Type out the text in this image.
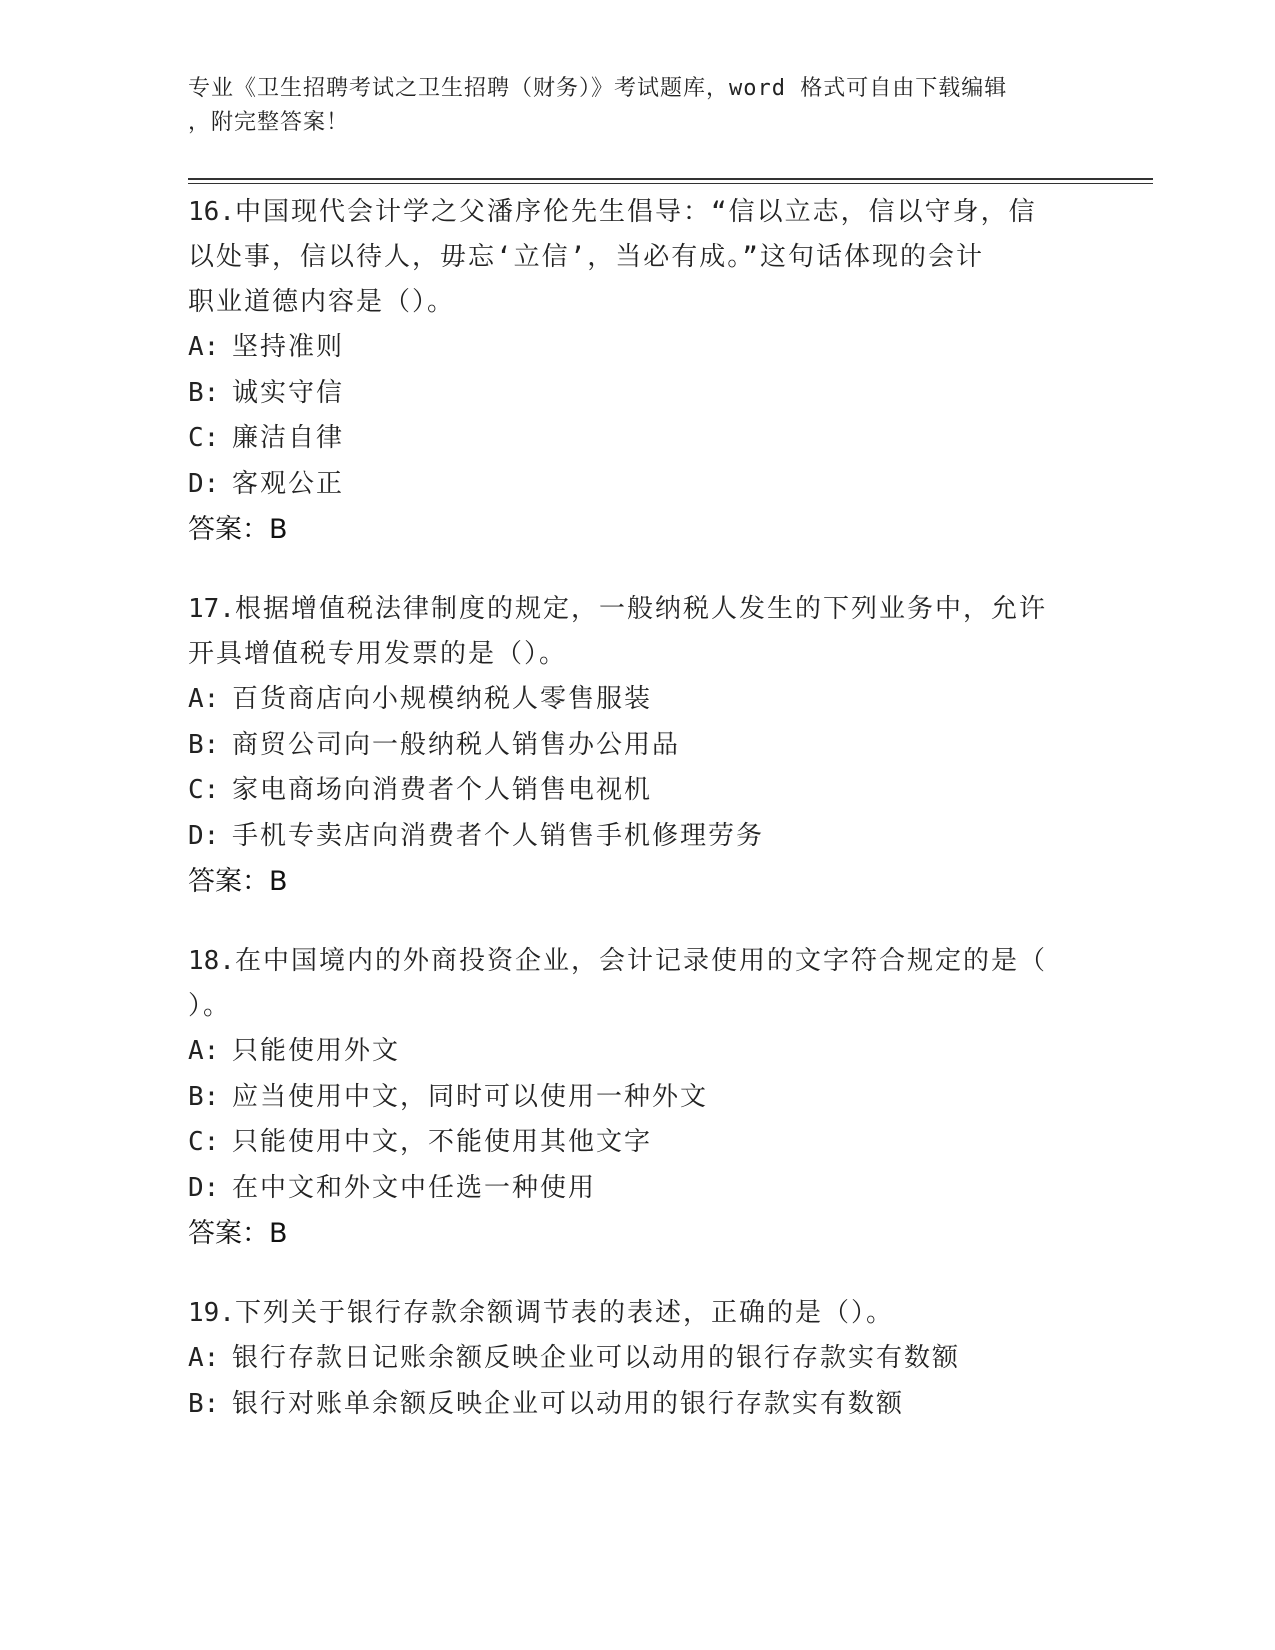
专业《卫生招聘考试之卫生招聘（财务）》考试题库，word 格式可自由下载编辑
，附完整答案！

16.中国现代会计学之父潘序伦先生倡导：“信以立志，信以守身，信

以处事，信以待人，毋忘‘立信’，当必有成。”这句话体现的会计

职业道德内容是（）。

A: 坚持准则

B: 诚实守信

C: 廉洁自律

D: 客观公正

答案：B

17.根据增值税法律制度的规定，一般纳税人发生的下列业务中，允许

开具增值税专用发票的是（）。

A: 百货商店向小规模纳税人零售服装

B: 商贸公司向一般纳税人销售办公用品

C: 家电商场向消费者个人销售电视机

D: 手机专卖店向消费者个人销售手机修理劳务

答案：B

18.在中国境内的外商投资企业，会计记录使用的文字符合规定的是（

）。

A: 只能使用外文

B: 应当使用中文，同时可以使用一种外文

C: 只能使用中文，不能使用其他文字

D: 在中文和外文中任选一种使用

答案：B

19.下列关于银行存款余额调节表的表述，正确的是（）。

A: 银行存款日记账余额反映企业可以动用的银行存款实有数额

B: 银行对账单余额反映企业可以动用的银行存款实有数额
